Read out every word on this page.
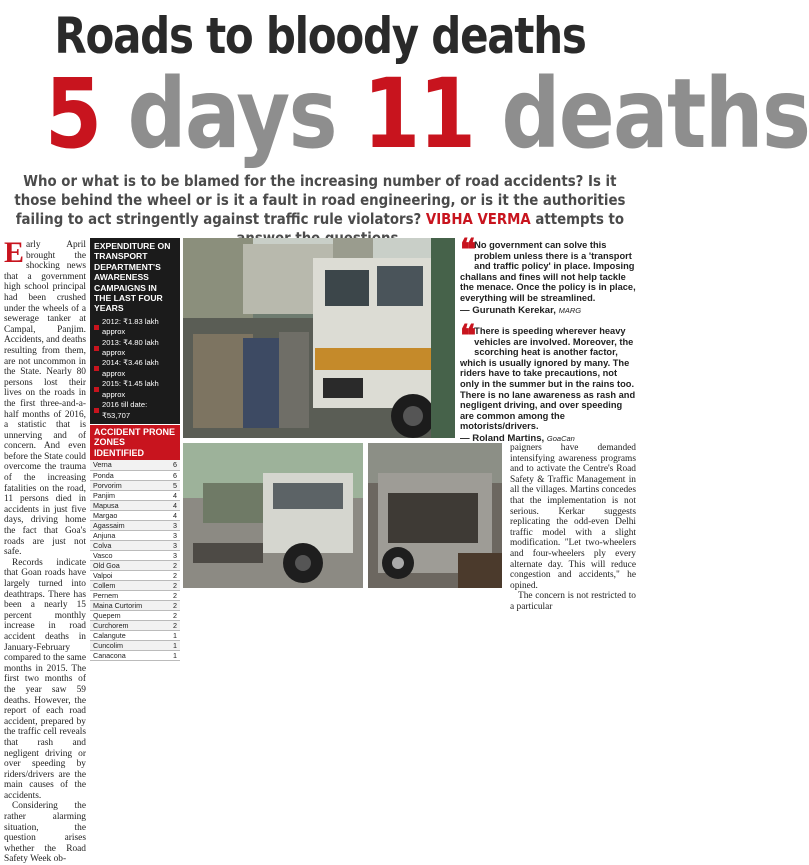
Roads to bloody deaths
5 days 11 deaths
Who or what is to be blamed for the increasing number of road accidents? Is it those behind the wheel or is it a fault in road engineering, or is it the authorities failing to act stringently against traffic rule violators? VIBHA VERMA attempts to

Early April brought the shocking news that a government high school principal had been crushed under the wheels of a sewerage tanker at Campal, Panjim. Accidents, and deaths resulting from them, are not uncommon in the State. Nearly 80 persons lost their lives on the roads in the first three-and-a-half months of 2016, a statistic that is unnerving and of concern. And even before the State could overcome the trauma of the increasing fatalities on the road, 11 persons died in accidents in just five days, driving home the fact that Goa's roads are just not safe.

Records indicate that Goan roads have largely turned into deathtraps. There has been a nearly 15 percent monthly increase in road accident deaths in January-February compared to the same months in 2015. The first two months of the year saw 59 deaths. However, the report of each road accident, prepared by the traffic cell reveals that rash and negligent driving or over speeding by riders/drivers are the main causes of the accidents.

Considering the rather alarming situation, the question arises whether the Road Safety Week ob-

EXPENDITURE ON TRANSPORT DEPARTMENT'S AWARENESS CAMPAIGNS IN THE LAST FOUR YEARS
2012: ₹1.83 lakh approx
2013: ₹4.80 lakh approx
2014: ₹3.46 lakh approx
2015: ₹1.45 lakh approx
2016 till date: ₹53,707
ACCIDENT PRONE ZONES IDENTIFIED
Verna	6
Ponda	6
Porvorim	5
Panjim	4
Mapusa	4
Margao	4
Agassaim	3
Anjuna	3
Colva	3
Vasco	3
Old Goa	2
Valpoi	2
Collem	2
Pernem	2
Maina Curtorim	2
Quepem	2
Curchorem	2
Calangute	1
Cuncolim	1
Canacona	1
❝ No government can solve this problem unless there is a 'transport and traffic policy' in place. Imposing challans and fines will not help tackle the menace. Once the policy is in place, everything will be streamlined.
— Gurunath Kerekar, MARG
❝ There is speeding wherever heavy vehicles are involved. Moreover, the scorching heat is another factor, which is usually ignored by many. The riders have to take precautions, not only in the summer but in the rains too. There is no lane awareness as rash and negligent driving, and over speeding are common among the motorists/drivers.
— Roland Martins, GoaCan

paigners have demanded intensifying awareness programs and to activate the Centre's Road Safety & Traffic Management in all the villages. Martins concedes that the implementation is not serious. Kerkar suggests replicating the odd-even Delhi traffic model with a slight modification. "Let two-wheelers and four-wheelers ply every alternate day. This will reduce congestion and accidents," he opined.

The concern is not restricted to a particular
